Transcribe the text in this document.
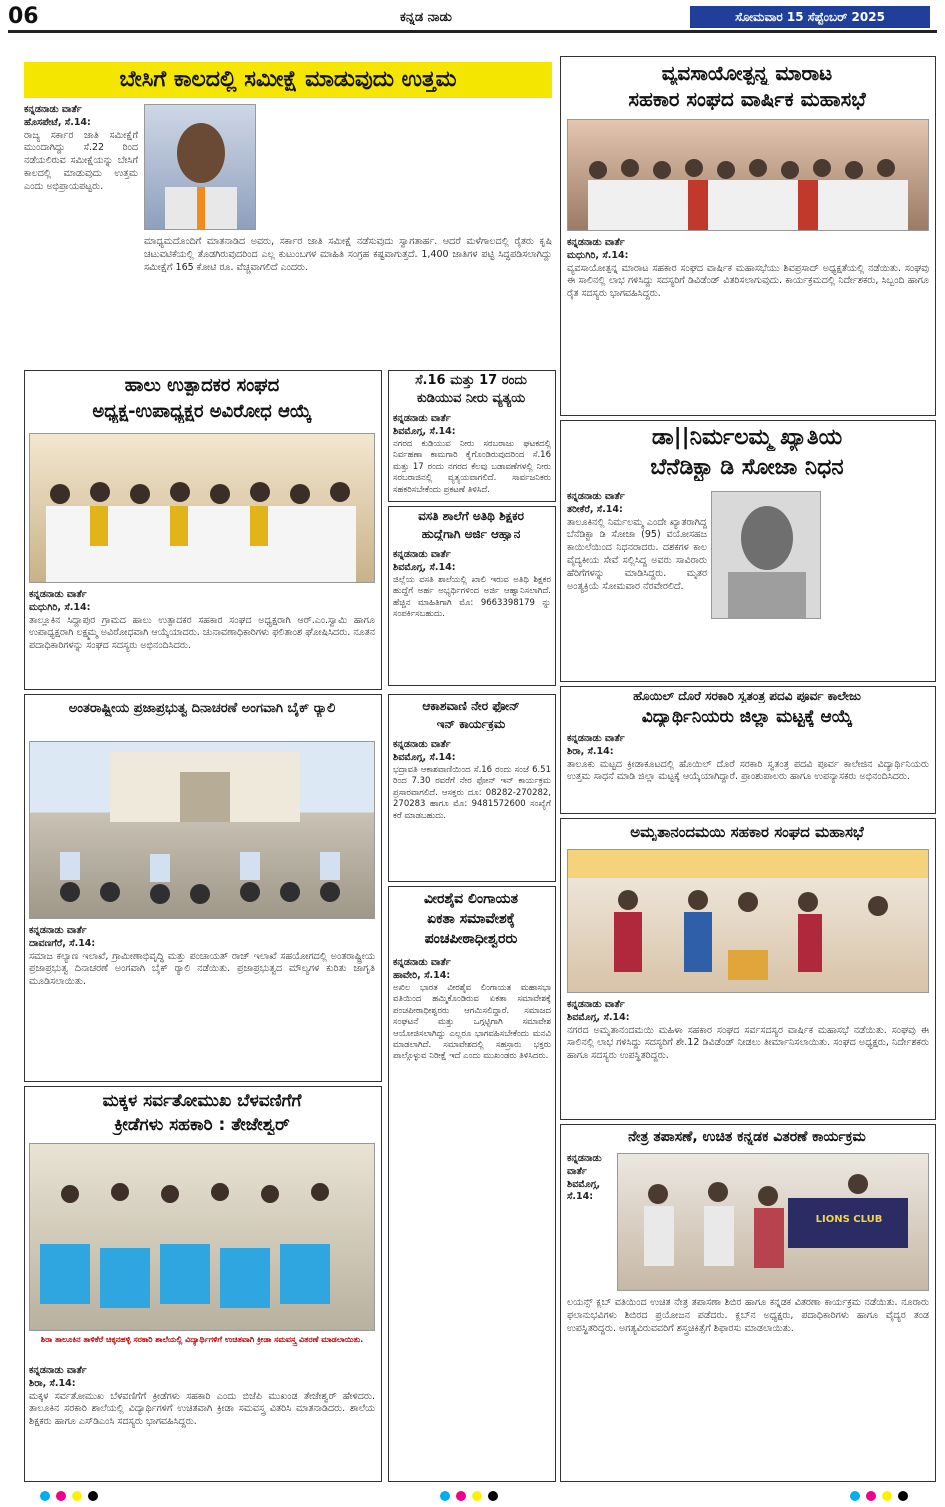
06	ಕನ್ನಡ ನಾಡು	ಸೋಮವಾರ 15 ಸೆಪ್ಟೆಂಬರ್ 2025
ಬೇಸಿಗೆ ಕಾಲದಲ್ಲಿ ಸಮೀಕ್ಷೆ ಮಾಡುವುದು ಉತ್ತಮ
ಕನ್ನಡನಾಡು ವಾರ್ತೆ
ಹೊಸಪೇಟೆ, ಸೆ.14:
ರಾಜ್ಯ ಸರ್ಕಾರ ಜಾತಿ ಸಮೀಕ್ಷೆಗೆ ಮುಂದಾಗಿದ್ದು ಸೆ.22 ರಿಂದ ನಡೆಯಲಿರುವ ಸಮೀಕ್ಷೆಯನ್ನು ಬೇಸಿಗೆ ಕಾಲದಲ್ಲಿ ಮಾಡುವುದು ಉತ್ತಮ ಎಂದು ಅಭಿಪ್ರಾಯಪಟ್ಟರು.
ಮಾಧ್ಯಮದೊಂದಿಗೆ ಮಾತನಾಡಿದ ಅವರು, ಸರ್ಕಾರ ಜಾತಿ ಸಮೀಕ್ಷೆ ನಡೆಸುವುದು ಸ್ವಾಗತಾರ್ಹ. ಆದರೆ ಮಳೆಗಾಲದಲ್ಲಿ ರೈತರು ಕೃಷಿ ಚಟುವಟಿಕೆಯಲ್ಲಿ ತೊಡಗಿರುವುದರಿಂದ ಎಲ್ಲ ಕುಟುಂಬಗಳ ಮಾಹಿತಿ ಸಂಗ್ರಹ ಕಷ್ಟವಾಗುತ್ತದೆ. 1,400 ಜಾತಿಗಳ ಪಟ್ಟಿ ಸಿದ್ಧಪಡಿಸಲಾಗಿದ್ದು ಸಮೀಕ್ಷೆಗೆ 165 ಕೋಟಿ ರೂ. ವೆಚ್ಚವಾಗಲಿದೆ ಎಂದರು.
ವ್ಯವಸಾಯೋತ್ಪನ್ನ ಮಾರಾಟ
ಸಹಕಾರ ಸಂಘದ ವಾರ್ಷಿಕ ಮಹಾಸಭೆ
ಕನ್ನಡನಾಡು ವಾರ್ತೆ
ಮಧುಗಿರಿ, ಸೆ.14:
ವ್ಯವಸಾಯೋತ್ಪನ್ನ ಮಾರಾಟ ಸಹಕಾರ ಸಂಘದ ವಾರ್ಷಿಕ ಮಹಾಸಭೆಯು ಶಿವಪ್ರಸಾದ್ ಅಧ್ಯಕ್ಷತೆಯಲ್ಲಿ ನಡೆಯಿತು. ಸಂಘವು ಈ ಸಾಲಿನಲ್ಲಿ ಲಾಭ ಗಳಿಸಿದ್ದು ಸದಸ್ಯರಿಗೆ ಡಿವಿಡೆಂಡ್ ವಿತರಿಸಲಾಗುವುದು. ಕಾರ್ಯಕ್ರಮದಲ್ಲಿ ನಿರ್ದೇಶಕರು, ಸಿಬ್ಬಂದಿ ಹಾಗೂ ರೈತ ಸದಸ್ಯರು ಭಾಗವಹಿಸಿದ್ದರು.
ಹಾಲು ಉತ್ಪಾದಕರ ಸಂಘದ
ಅಧ್ಯಕ್ಷ-ಉಪಾಧ್ಯಕ್ಷರ ಅವಿರೋಧ ಆಯ್ಕೆ
ಕನ್ನಡನಾಡು ವಾರ್ತೆ
ಮಧುಗಿರಿ, ಸೆ.14:
ತಾಲ್ಲೂಕಿನ ಸಿದ್ದಾಪುರ ಗ್ರಾಮದ ಹಾಲು ಉತ್ಪಾದಕರ ಸಹಕಾರ ಸಂಘದ ಅಧ್ಯಕ್ಷರಾಗಿ ಆರ್.ಎಂ.ಸ್ವಾಮಿ ಹಾಗೂ ಉಪಾಧ್ಯಕ್ಷರಾಗಿ ಲಕ್ಷ್ಮಮ್ಮ ಅವಿರೋಧವಾಗಿ ಆಯ್ಕೆಯಾದರು. ಚುನಾವಣಾಧಿಕಾರಿಗಳು ಫಲಿತಾಂಶ ಘೋಷಿಸಿದರು. ನೂತನ ಪದಾಧಿಕಾರಿಗಳನ್ನು ಸಂಘದ ಸದಸ್ಯರು ಅಭಿನಂದಿಸಿದರು.
ಸೆ.16 ಮತ್ತು 17 ರಂದು
ಕುಡಿಯುವ ನೀರು ವ್ಯತ್ಯಯ
ಕನ್ನಡನಾಡು ವಾರ್ತೆ
ಶಿವಮೊಗ್ಗ, ಸೆ.14:
ನಗರದ ಕುಡಿಯುವ ನೀರು ಸರಬರಾಜು ಘಟಕದಲ್ಲಿ ನಿರ್ವಹಣಾ ಕಾಮಗಾರಿ ಕೈಗೊಂಡಿರುವುದರಿಂದ ಸೆ.16 ಮತ್ತು 17 ರಂದು ನಗರದ ಕೆಲವು ಬಡಾವಣೆಗಳಲ್ಲಿ ನೀರು ಸರಬರಾಜಿನಲ್ಲಿ ವ್ಯತ್ಯಯವಾಗಲಿದೆ. ಸಾರ್ವಜನಿಕರು ಸಹಕರಿಸಬೇಕೆಂದು ಪ್ರಕಟಣೆ ತಿಳಿಸಿದೆ.
ವಸತಿ ಶಾಲೆಗೆ ಅತಿಥಿ ಶಿಕ್ಷಕರ
ಹುದ್ದೆಗಾಗಿ ಅರ್ಜಿ ಆಹ್ವಾನ
ಕನ್ನಡನಾಡು ವಾರ್ತೆ
ಶಿವಮೊಗ್ಗ, ಸೆ.14:
ಜಿಲ್ಲೆಯ ವಸತಿ ಶಾಲೆಯಲ್ಲಿ ಖಾಲಿ ಇರುವ ಅತಿಥಿ ಶಿಕ್ಷಕರ ಹುದ್ದೆಗೆ ಅರ್ಹ ಅಭ್ಯರ್ಥಿಗಳಿಂದ ಅರ್ಜಿ ಆಹ್ವಾನಿಸಲಾಗಿದೆ. ಹೆಚ್ಚಿನ ಮಾಹಿತಿಗಾಗಿ ಮೊ: 9663398179 ನ್ನು ಸಂಪರ್ಕಿಸಬಹುದು.
ಡಾ||ನಿರ್ಮಲಮ್ಮ ಖ್ಯಾತಿಯ
ಬೆನೆಡಿಕ್ಟಾ ಡಿ ಸೋಜಾ ನಿಧನ
ಕನ್ನಡನಾಡು ವಾರ್ತೆ
ತರೀಕೆರೆ, ಸೆ.14:
ತಾಲೂಕಿನಲ್ಲಿ ನಿರ್ಮಲಮ್ಮ ಎಂದೇ ಖ್ಯಾತರಾಗಿದ್ದ ಬೆನೆಡಿಕ್ಟಾ ಡಿ ಸೋಜಾ (95) ವಯೋಸಹಜ ಕಾಯಿಲೆಯಿಂದ ನಿಧನರಾದರು. ದಶಕಗಳ ಕಾಲ ವೈದ್ಯಕೀಯ ಸೇವೆ ಸಲ್ಲಿಸಿದ್ದ ಅವರು ಸಾವಿರಾರು ಹೆರಿಗೆಗಳನ್ನು ಮಾಡಿಸಿದ್ದರು. ಮೃತರ ಅಂತ್ಯಕ್ರಿಯೆ ಸೋಮವಾರ ನೆರವೇರಲಿದೆ.
ಹೊಯಿಲ್ ದೊರೆ ಸರಕಾರಿ ಸ್ವತಂತ್ರ ಪದವಿ ಪೂರ್ವ ಕಾಲೇಜು
ವಿದ್ಯಾರ್ಥಿನಿಯರು ಜಿಲ್ಲಾ ಮಟ್ಟಕ್ಕೆ ಆಯ್ಕೆ
ಕನ್ನಡನಾಡು ವಾರ್ತೆ
ಶಿರಾ, ಸೆ.14:
ತಾಲೂಕು ಮಟ್ಟದ ಕ್ರೀಡಾಕೂಟದಲ್ಲಿ ಹೊಯಿಲ್ ದೊರೆ ಸರಕಾರಿ ಸ್ವತಂತ್ರ ಪದವಿ ಪೂರ್ವ ಕಾಲೇಜಿನ ವಿದ್ಯಾರ್ಥಿನಿಯರು ಉತ್ತಮ ಸಾಧನೆ ಮಾಡಿ ಜಿಲ್ಲಾ ಮಟ್ಟಕ್ಕೆ ಆಯ್ಕೆಯಾಗಿದ್ದಾರೆ. ಪ್ರಾಂಶುಪಾಲರು ಹಾಗೂ ಉಪನ್ಯಾಸಕರು ಅಭಿನಂದಿಸಿದರು.
ಅಂತರಾಷ್ಟ್ರೀಯ ಪ್ರಜಾಪ್ರಭುತ್ವ ದಿನಾಚರಣೆ ಅಂಗವಾಗಿ ಬೈಕ್ ರ್‍ಯಾಲಿ
ಕನ್ನಡನಾಡು ವಾರ್ತೆ
ದಾವಣಗೆರೆ, ಸೆ.14:
ಸಮಾಜ ಕಲ್ಯಾಣ ಇಲಾಖೆ, ಗ್ರಾಮೀಣಾಭಿವೃದ್ಧಿ ಮತ್ತು ಪಂಚಾಯತ್ ರಾಜ್ ಇಲಾಖೆ ಸಹಯೋಗದಲ್ಲಿ ಅಂತರಾಷ್ಟ್ರೀಯ ಪ್ರಜಾಪ್ರಭುತ್ವ ದಿನಾಚರಣೆ ಅಂಗವಾಗಿ ಬೈಕ್ ರ್‍ಯಾಲಿ ನಡೆಯಿತು. ಪ್ರಜಾಪ್ರಭುತ್ವದ ಮೌಲ್ಯಗಳ ಕುರಿತು ಜಾಗೃತಿ ಮೂಡಿಸಲಾಯಿತು.
ಆಕಾಶವಾಣಿ ನೇರ ಫೋನ್
ಇನ್ ಕಾರ್ಯಕ್ರಮ
ಕನ್ನಡನಾಡು ವಾರ್ತೆ
ಶಿವಮೊಗ್ಗ, ಸೆ.14:
ಭದ್ರಾವತಿ ಆಕಾಶವಾಣಿಯಿಂದ ಸೆ.16 ರಂದು ಸಂಜೆ 6.51 ರಿಂದ 7.30 ರವರೆಗೆ ನೇರ ಫೋನ್ ಇನ್ ಕಾರ್ಯಕ್ರಮ ಪ್ರಸಾರವಾಗಲಿದೆ. ಆಸಕ್ತರು ದೂ: 08282-270282, 270283 ಹಾಗೂ ಮೊ: 9481572600 ಸಂಖ್ಯೆಗೆ ಕರೆ ಮಾಡಬಹುದು.
ವೀರಶೈವ ಲಿಂಗಾಯತ
ಏಕತಾ ಸಮಾವೇಶಕ್ಕೆ
ಪಂಚಪೀಠಾಧೀಶ್ವರರು
ಕನ್ನಡನಾಡು ವಾರ್ತೆ
ಹಾವೇರಿ, ಸೆ.14:
ಅಖಿಲ ಭಾರತ ವೀರಶೈವ ಲಿಂಗಾಯತ ಮಹಾಸಭಾ ವತಿಯಿಂದ ಹಮ್ಮಿಕೊಂಡಿರುವ ಏಕತಾ ಸಮಾವೇಶಕ್ಕೆ ಪಂಚಪೀಠಾಧೀಶ್ವರರು ಆಗಮಿಸಲಿದ್ದಾರೆ. ಸಮಾಜದ ಸಂಘಟನೆ ಮತ್ತು ಒಗ್ಗಟ್ಟಿಗಾಗಿ ಸಮಾವೇಶ ಆಯೋಜಿಸಲಾಗಿದ್ದು ಎಲ್ಲರೂ ಭಾಗವಹಿಸಬೇಕೆಂದು ಮನವಿ ಮಾಡಲಾಗಿದೆ. ಸಮಾವೇಶದಲ್ಲಿ ಸಹಸ್ರಾರು ಭಕ್ತರು ಪಾಲ್ಗೊಳ್ಳುವ ನಿರೀಕ್ಷೆ ಇದೆ ಎಂದು ಮುಖಂಡರು ತಿಳಿಸಿದರು.
ಅಮೃತಾನಂದಮಯಿ ಸಹಕಾರ ಸಂಘದ ಮಹಾಸಭೆ
ಕನ್ನಡನಾಡು ವಾರ್ತೆ
ಶಿವಮೊಗ್ಗ, ಸೆ.14:
ನಗರದ ಅಮೃತಾನಂದಮಯಿ ಮಹಿಳಾ ಸಹಕಾರ ಸಂಘದ ಸರ್ವಸದಸ್ಯರ ವಾರ್ಷಿಕ ಮಹಾಸಭೆ ನಡೆಯಿತು. ಸಂಘವು ಈ ಸಾಲಿನಲ್ಲಿ ಲಾಭ ಗಳಿಸಿದ್ದು ಸದಸ್ಯರಿಗೆ ಶೇ.12 ಡಿವಿಡೆಂಡ್ ನೀಡಲು ತೀರ್ಮಾನಿಸಲಾಯಿತು. ಸಂಘದ ಅಧ್ಯಕ್ಷರು, ನಿರ್ದೇಶಕರು ಹಾಗೂ ಸದಸ್ಯರು ಉಪಸ್ಥಿತರಿದ್ದರು.
ಮಕ್ಕಳ ಸರ್ವತೋಮುಖ ಬೆಳವಣಿಗೆಗೆ
ಕ್ರೀಡೆಗಳು ಸಹಕಾರಿ : ತೇಜೇಶ್ವರ್
ಶಿರಾ ತಾಲೂಕಿನ ತಾಳಿಕೆರೆ ಚಿಕ್ಕನಹಳ್ಳಿ ಸರಕಾರಿ ಶಾಲೆಯಲ್ಲಿ ವಿದ್ಯಾರ್ಥಿಗಳಿಗೆ ಉಚಿತವಾಗಿ ಕ್ರೀಡಾ ಸಮವಸ್ತ್ರ ವಿತರಣೆ ಮಾಡಲಾಯಿತು.
ಕನ್ನಡನಾಡು ವಾರ್ತೆ
ಶಿರಾ, ಸೆ.14:
ಮಕ್ಕಳ ಸರ್ವತೋಮುಖ ಬೆಳವಣಿಗೆಗೆ ಕ್ರೀಡೆಗಳು ಸಹಕಾರಿ ಎಂದು ಬಿಜೆಪಿ ಮುಖಂಡ ತೇಜೇಶ್ವರ್ ಹೇಳಿದರು. ತಾಲೂಕಿನ ಸರಕಾರಿ ಶಾಲೆಯಲ್ಲಿ ವಿದ್ಯಾರ್ಥಿಗಳಿಗೆ ಉಚಿತವಾಗಿ ಕ್ರೀಡಾ ಸಮವಸ್ತ್ರ ವಿತರಿಸಿ ಮಾತನಾಡಿದರು. ಶಾಲೆಯ ಶಿಕ್ಷಕರು ಹಾಗೂ ಎಸ್‌ಡಿಎಂಸಿ ಸದಸ್ಯರು ಭಾಗವಹಿಸಿದ್ದರು.
ನೇತ್ರ ತಪಾಸಣೆ, ಉಚಿತ ಕನ್ನಡಕ ವಿತರಣೆ ಕಾರ್ಯಕ್ರಮ
LIONS CLUB
ಕನ್ನಡನಾಡು ವಾರ್ತೆ
ಶಿವಮೊಗ್ಗ, ಸೆ.14:
ಲಯನ್ಸ್ ಕ್ಲಬ್ ವತಿಯಿಂದ ಉಚಿತ ನೇತ್ರ ತಪಾಸಣಾ ಶಿಬಿರ ಹಾಗೂ ಕನ್ನಡಕ ವಿತರಣಾ ಕಾರ್ಯಕ್ರಮ ನಡೆಯಿತು. ನೂರಾರು ಫಲಾನುಭವಿಗಳು ಶಿಬಿರದ ಪ್ರಯೋಜನ ಪಡೆದರು. ಕ್ಲಬ್‌ನ ಅಧ್ಯಕ್ಷರು, ಪದಾಧಿಕಾರಿಗಳು ಹಾಗೂ ವೈದ್ಯರ ತಂಡ ಉಪಸ್ಥಿತರಿದ್ದರು. ಅಗತ್ಯವಿರುವವರಿಗೆ ಶಸ್ತ್ರಚಿಕಿತ್ಸೆಗೆ ಶಿಫಾರಸು ಮಾಡಲಾಯಿತು.
